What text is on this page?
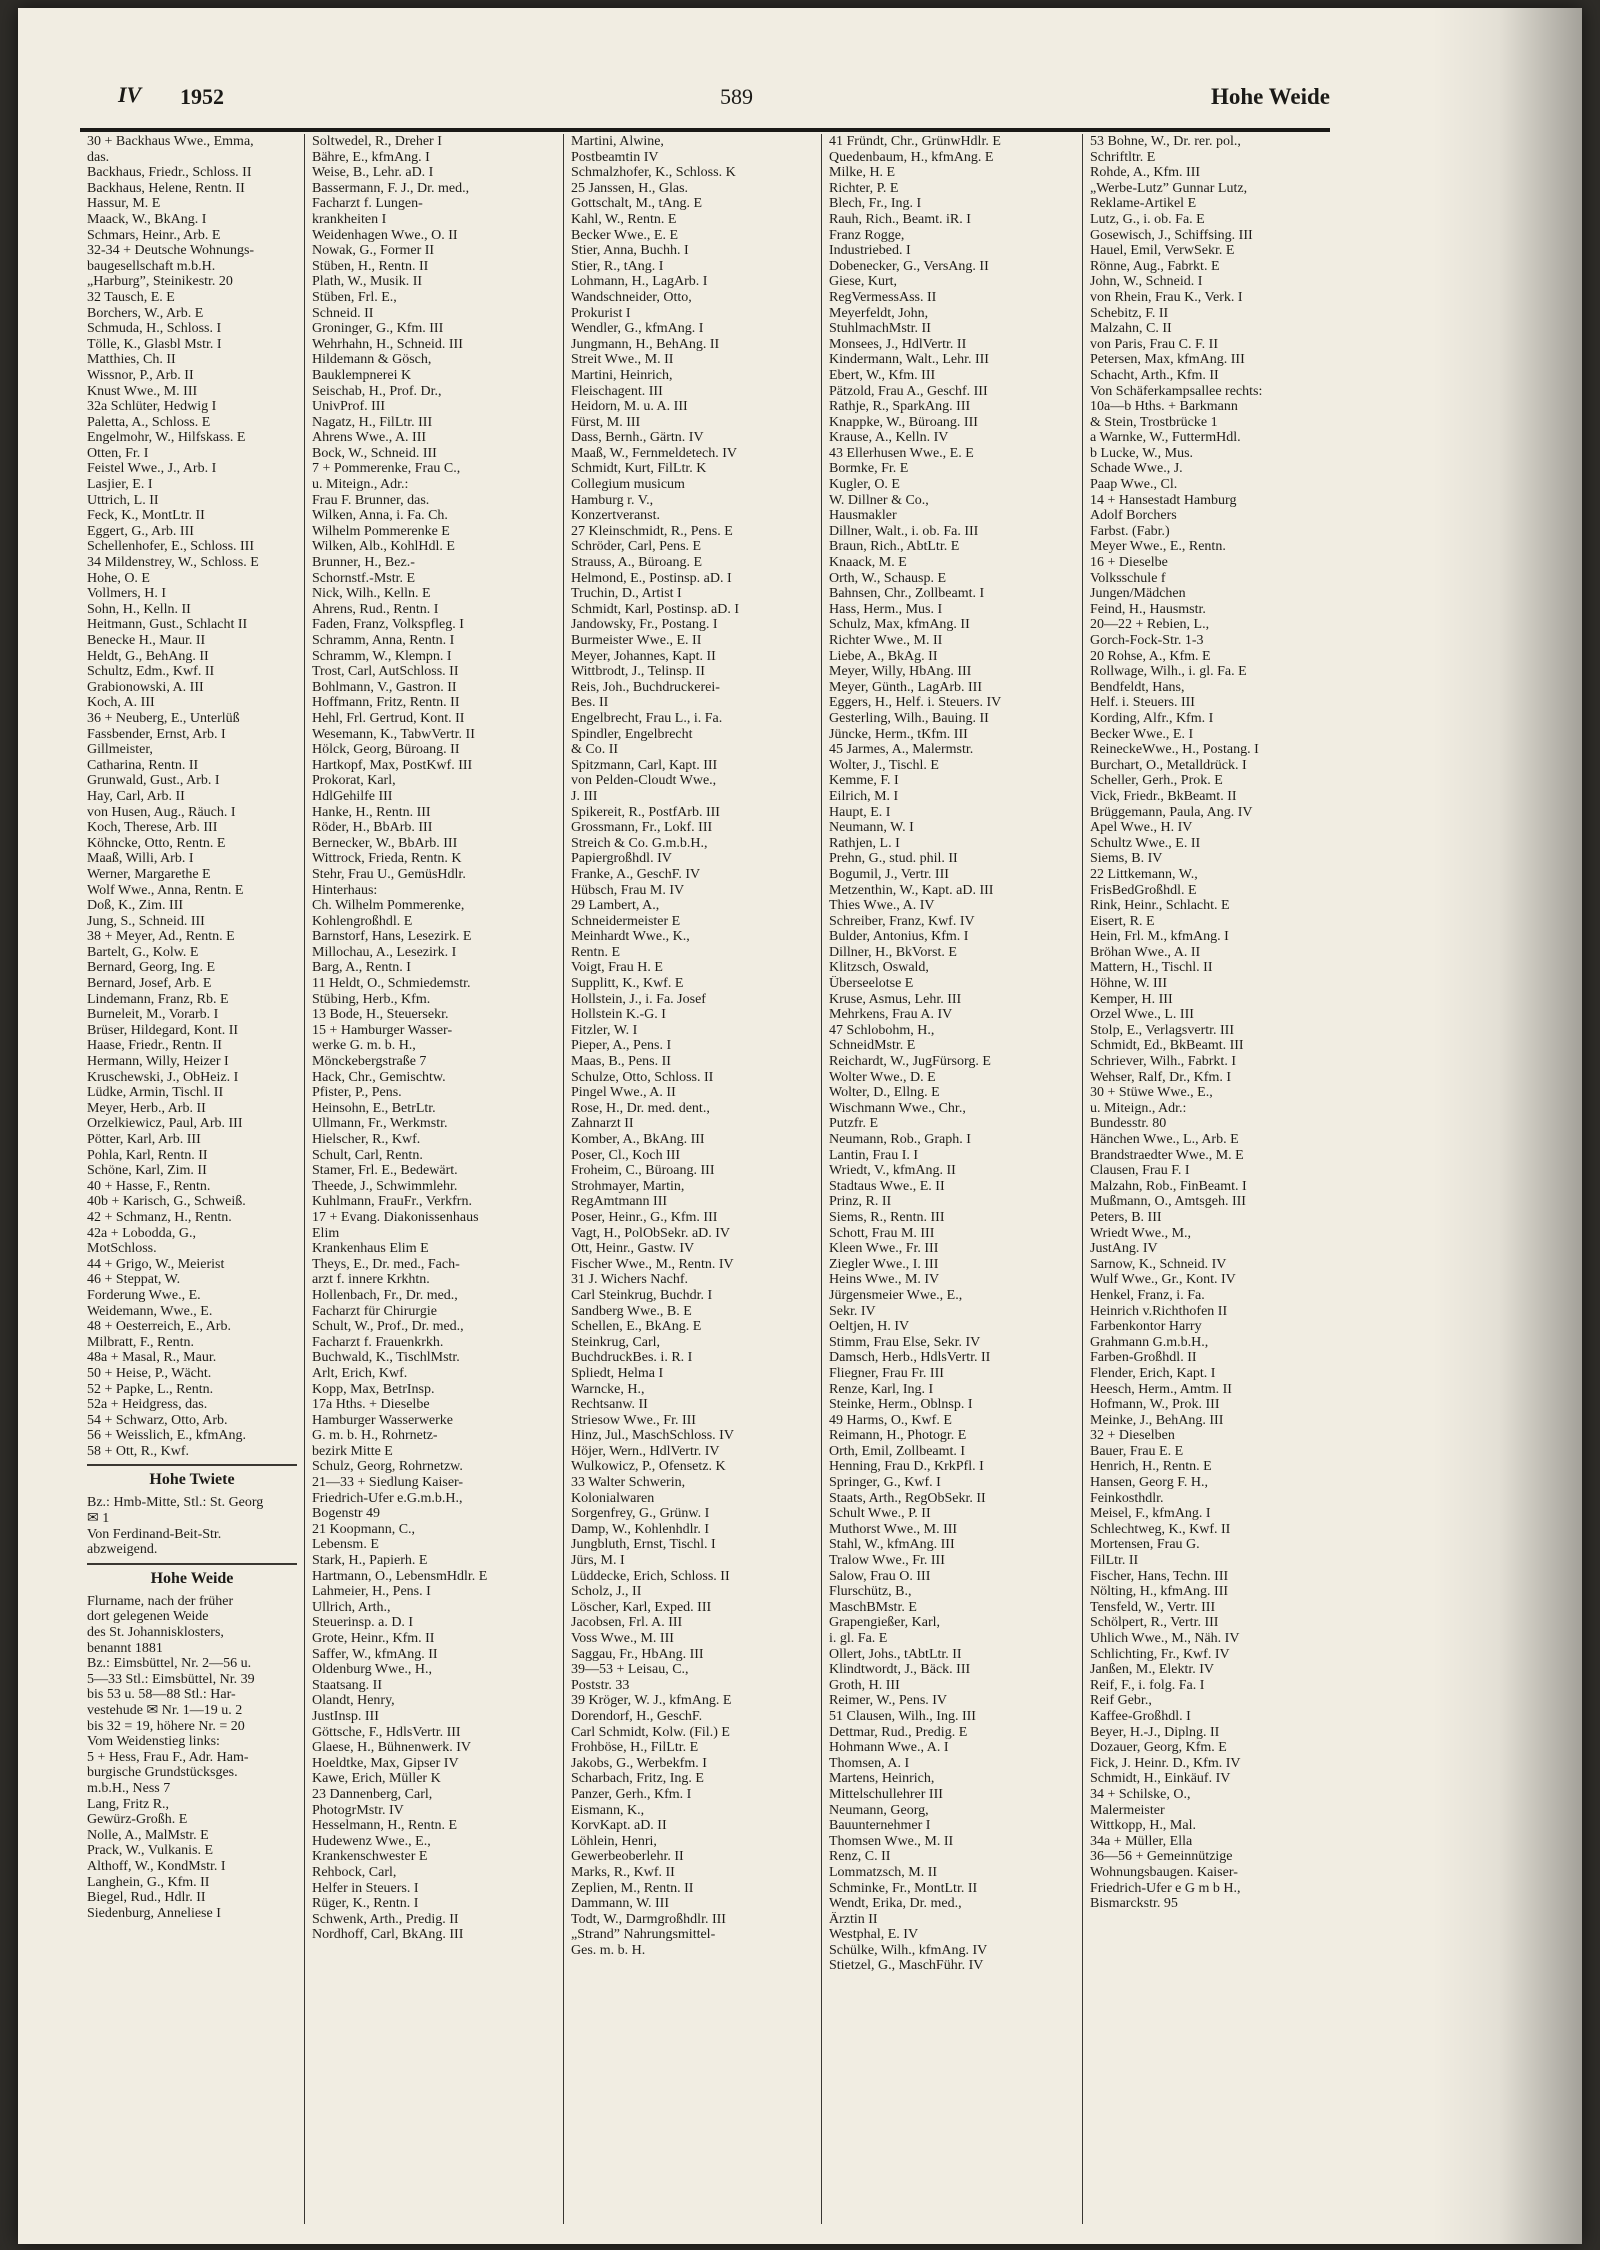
IV 1952	589	Hohe Weide
30 + Backhaus Wwe., Emma,
das.
Backhaus, Friedr., Schloss. II
Backhaus, Helene, Rentn. II
Hassur, M. E
Maack, W., BkAng. I
Schmars, Heinr., Arb. E
32-34 + Deutsche Wohnungs-
baugesellschaft m.b.H.
„Harburg”, Steinikestr. 20
32 Tausch, E. E
Borchers, W., Arb. E
Schmuda, H., Schloss. I
Tölle, K., Glasbl Mstr. I
Matthies, Ch. II
Wissnor, P., Arb. II
Knust Wwe., M. III
32a Schlüter, Hedwig I
Paletta, A., Schloss. E
Engelmohr, W., Hilfskass. E
Otten, Fr. I
Feistel Wwe., J., Arb. I
Lasjier, E. I
Uttrich, L. II
Feck, K., MontLtr. II
Eggert, G., Arb. III
Schellenhofer, E., Schloss. III
34 Mildenstrey, W., Schloss. E
Hohe, O. E
Vollmers, H. I
Sohn, H., Kelln. II
Heitmann, Gust., Schlacht II
Benecke H., Maur. II
Heldt, G., BehAng. II
Schultz, Edm., Kwf. II
Grabionowski, A. III
Koch, A. III
36 + Neuberg, E., Unterlüß
Fassbender, Ernst, Arb. I
Gillmeister,
Catharina, Rentn. II
Grunwald, Gust., Arb. I
Hay, Carl, Arb. II
von Husen, Aug., Räuch. I
Koch, Therese, Arb. III
Köhncke, Otto, Rentn. E
Maaß, Willi, Arb. I
Werner, Margarethe E
Wolf Wwe., Anna, Rentn. E
Doß, K., Zim. III
Jung, S., Schneid. III
38 + Meyer, Ad., Rentn. E
Bartelt, G., Kolw. E
Bernard, Georg, Ing. E
Bernard, Josef, Arb. E
Lindemann, Franz, Rb. E
Burneleit, M., Vorarb. I
Brüser, Hildegard, Kont. II
Haase, Friedr., Rentn. II
Hermann, Willy, Heizer I
Kruschewski, J., ObHeiz. I
Lüdke, Armin, Tischl. II
Meyer, Herb., Arb. II
Orzelkiewicz, Paul, Arb. III
Pötter, Karl, Arb. III
Pohla, Karl, Rentn. II
Schöne, Karl, Zim. II
40 + Hasse, F., Rentn.
40b + Karisch, G., Schweiß.
42 + Schmanz, H., Rentn.
42a + Lobodda, G.,
MotSchloss.
44 + Grigo, W., Meierist
46 + Steppat, W.
Forderung Wwe., E.
Weidemann, Wwe., E.
48 + Oesterreich, E., Arb.
Milbratt, F., Rentn.
48a + Masal, R., Maur.
50 + Heise, P., Wächt.
52 + Papke, L., Rentn.
52a + Heidgress, das.
54 + Schwarz, Otto, Arb.
56 + Weisslich, E., kfmAng.
58 + Ott, R., Kwf.
Hohe Twiete
Bz.: Hmb-Mitte, Stl.: St. Georg
✉ 1
Von Ferdinand-Beit-Str.
abzweigend.
Hohe Weide
Flurname, nach der früher
dort gelegenen Weide
des St. Johannisklosters,
benannt 1881
Bz.: Eimsbüttel, Nr. 2—56 u.
5—33 Stl.: Eimsbüttel, Nr. 39
bis 53 u. 58—88 Stl.: Har-
vestehude ✉ Nr. 1—19 u. 2
bis 32 = 19, höhere Nr. = 20
Vom Weidenstieg links:
5 + Hess, Frau F., Adr. Ham-
burgische Grundstücksges.
m.b.H., Ness 7
Lang, Fritz R.,
Gewürz-Großh. E
Nolle, A., MalMstr. E
Prack, W., Vulkanis. E
Althoff, W., KondMstr. I
Langhein, G., Kfm. II
Biegel, Rud., Hdlr. II
Siedenburg, Anneliese I
Soltwedel, R., Dreher I
Bähre, E., kfmAng. I
Weise, B., Lehr. aD. I
Bassermann, F. J., Dr. med.,
Facharzt f. Lungen-
krankheiten I
Weidenhagen Wwe., O. II
Nowak, G., Former II
Stüben, H., Rentn. II
Plath, W., Musik. II
Stüben, Frl. E.,
Schneid. II
Groninger, G., Kfm. III
Wehrhahn, H., Schneid. III
Hildemann & Gösch,
Bauklempnerei K
Seischab, H., Prof. Dr.,
UnivProf. III
Nagatz, H., FilLtr. III
Ahrens Wwe., A. III
Bock, W., Schneid. III
7 + Pommerenke, Frau C.,
u. Miteign., Adr.:
Frau F. Brunner, das.
Wilken, Anna, i. Fa. Ch.
Wilhelm Pommerenke E
Wilken, Alb., KohlHdl. E
Brunner, H., Bez.-
Schornstf.-Mstr. E
Nick, Wilh., Kelln. E
Ahrens, Rud., Rentn. I
Faden, Franz, Volkspfleg. I
Schramm, Anna, Rentn. I
Schramm, W., Klempn. I
Trost, Carl, AutSchloss. II
Bohlmann, V., Gastron. II
Hoffmann, Fritz, Rentn. II
Hehl, Frl. Gertrud, Kont. II
Wesemann, K., TabwVertr. II
Hölck, Georg, Büroang. II
Hartkopf, Max, PostKwf. III
Prokorat, Karl,
HdlGehilfe III
Hanke, H., Rentn. III
Röder, H., BbArb. III
Bernecker, W., BbArb. III
Wittrock, Frieda, Rentn. K
Stehr, Frau U., GemüsHdlr.
Hinterhaus:
Ch. Wilhelm Pommerenke,
Kohlengroßhdl. E
Barnstorf, Hans, Lesezirk. E
Millochau, A., Lesezirk. I
Barg, A., Rentn. I
11 Heldt, O., Schmiedemstr.
Stübing, Herb., Kfm.
13 Bode, H., Steuersekr.
15 + Hamburger Wasser-
werke G. m. b. H.,
Mönckebergstraße 7
Hack, Chr., Gemischtw.
Pfister, P., Pens.
Heinsohn, E., BetrLtr.
Ullmann, Fr., Werkmstr.
Hielscher, R., Kwf.
Schult, Carl, Rentn.
Stamer, Frl. E., Bedewärt.
Theede, J., Schwimmlehr.
Kuhlmann, FrauFr., Verkfrn.
17 + Evang. Diakonissenhaus
Elim
Krankenhaus Elim E
Theys, E., Dr. med., Fach-
arzt f. innere Krkhtn.
Hollenbach, Fr., Dr. med.,
Facharzt für Chirurgie
Schult, W., Prof., Dr. med.,
Facharzt f. Frauenkrkh.
Buchwald, K., TischlMstr.
Arlt, Erich, Kwf.
Kopp, Max, BetrInsp.
17a Hths. + Dieselbe
Hamburger Wasserwerke
G. m. b. H., Rohrnetz-
bezirk Mitte E
Schulz, Georg, Rohrnetzw.
21—33 + Siedlung Kaiser-
Friedrich-Ufer e.G.m.b.H.,
Bogenstr 49
21 Koopmann, C.,
Lebensm. E
Stark, H., Papierh. E
Hartmann, O., LebensmHdlr. E
Lahmeier, H., Pens. I
Ullrich, Arth.,
Steuerinsp. a. D. I
Grote, Heinr., Kfm. II
Saffer, W., kfmAng. II
Oldenburg Wwe., H.,
Staatsang. II
Olandt, Henry,
JustInsp. III
Göttsche, F., HdlsVertr. III
Glaese, H., Bühnenwerk. IV
Hoeldtke, Max, Gipser IV
Kawe, Erich, Müller K
23 Dannenberg, Carl,
PhotogrMstr. IV
Hesselmann, H., Rentn. E
Hudewenz Wwe., E.,
Krankenschwester E
Rehbock, Carl,
Helfer in Steuers. I
Rüger, K., Rentn. I
Schwenk, Arth., Predig. II
Nordhoff, Carl, BkAng. III
Martini, Alwine,
Postbeamtin IV
Schmalzhofer, K., Schloss. K
25 Janssen, H., Glas.
Gottschalt, M., tAng. E
Kahl, W., Rentn. E
Becker Wwe., E. E
Stier, Anna, Buchh. I
Stier, R., tAng. I
Lohmann, H., LagArb. I
Wandschneider, Otto,
Prokurist I
Wendler, G., kfmAng. I
Jungmann, H., BehAng. II
Streit Wwe., M. II
Martini, Heinrich,
Fleischagent. III
Heidorn, M. u. A. III
Fürst, M. III
Dass, Bernh., Gärtn. IV
Maaß, W., Fernmeldetech. IV
Schmidt, Kurt, FilLtr. K
Collegium musicum
Hamburg r. V.,
Konzertveranst.
27 Kleinschmidt, R., Pens. E
Schröder, Carl, Pens. E
Strauss, A., Büroang. E
Helmond, E., Postinsp. aD. I
Truchin, D., Artist I
Schmidt, Karl, Postinsp. aD. I
Jandowsky, Fr., Postang. I
Burmeister Wwe., E. II
Meyer, Johannes, Kapt. II
Wittbrodt, J., Telinsp. II
Reis, Joh., Buchdruckerei-
Bes. II
Engelbrecht, Frau L., i. Fa.
Spindler, Engelbrecht
& Co. II
Spitzmann, Carl, Kapt. III
von Pelden-Cloudt Wwe.,
J. III
Spikereit, R., PostfArb. III
Grossmann, Fr., Lokf. III
Streich & Co. G.m.b.H.,
Papiergroßhdl. IV
Franke, A., GeschF. IV
Hübsch, Frau M. IV
29 Lambert, A.,
Schneidermeister E
Meinhardt Wwe., K.,
Rentn. E
Voigt, Frau H. E
Supplitt, K., Kwf. E
Hollstein, J., i. Fa. Josef
Hollstein K.-G. I
Fitzler, W. I
Pieper, A., Pens. I
Maas, B., Pens. II
Schulze, Otto, Schloss. II
Pingel Wwe., A. II
Rose, H., Dr. med. dent.,
Zahnarzt II
Komber, A., BkAng. III
Poser, Cl., Koch III
Froheim, C., Büroang. III
Strohmayer, Martin,
RegAmtmann III
Poser, Heinr., G., Kfm. III
Vagt, H., PolObSekr. aD. IV
Ott, Heinr., Gastw. IV
Fischer Wwe., M., Rentn. IV
31 J. Wichers Nachf.
Carl Steinkrug, Buchdr. I
Sandberg Wwe., B. E
Schellen, E., BkAng. E
Steinkrug, Carl,
BuchdruckBes. i. R. I
Spliedt, Helma I
Warncke, H.,
Rechtsanw. II
Striesow Wwe., Fr. III
Hinz, Jul., MaschSchloss. IV
Höjer, Wern., HdlVertr. IV
Wulkowicz, P., Ofensetz. K
33 Walter Schwerin,
Kolonialwaren
Sorgenfrey, G., Grünw. I
Damp, W., Kohlenhdlr. I
Jungbluth, Ernst, Tischl. I
Jürs, M. I
Lüddecke, Erich, Schloss. II
Scholz, J., II
Löscher, Karl, Exped. III
Jacobsen, Frl. A. III
Voss Wwe., M. III
Saggau, Fr., HbAng. III
39—53 + Leisau, C.,
Poststr. 33
39 Kröger, W. J., kfmAng. E
Dorendorf, H., GeschF.
Carl Schmidt, Kolw. (Fil.) E
Frohböse, H., FilLtr. E
Jakobs, G., Werbekfm. I
Scharbach, Fritz, Ing. E
Panzer, Gerh., Kfm. I
Eismann, K.,
KorvKapt. aD. II
Löhlein, Henri,
Gewerbeoberlehr. II
Marks, R., Kwf. II
Zeplien, M., Rentn. II
Dammann, W. III
Todt, W., Darmgroßhdlr. III
„Strand” Nahrungsmittel-
Ges. m. b. H.
41 Fründt, Chr., GrünwHdlr. E
Quedenbaum, H., kfmAng. E
Milke, H. E
Richter, P. E
Blech, Fr., Ing. I
Rauh, Rich., Beamt. iR. I
Franz Rogge,
Industriebed. I
Dobenecker, G., VersAng. II
Giese, Kurt,
RegVermessAss. II
Meyerfeldt, John,
StuhlmachMstr. II
Monsees, J., HdlVertr. II
Kindermann, Walt., Lehr. III
Ebert, W., Kfm. III
Pätzold, Frau A., Geschf. III
Rathje, R., SparkAng. III
Knappke, W., Büroang. III
Krause, A., Kelln. IV
43 Ellerhusen Wwe., E. E
Bormke, Fr. E
Kugler, O. E
W. Dillner & Co.,
Hausmakler
Dillner, Walt., i. ob. Fa. III
Braun, Rich., AbtLtr. E
Knaack, M. E
Orth, W., Schausp. E
Bahnsen, Chr., Zollbeamt. I
Hass, Herm., Mus. I
Schulz, Max, kfmAng. II
Richter Wwe., M. II
Liebe, A., BkAg. II
Meyer, Willy, HbAng. III
Meyer, Günth., LagArb. III
Eggers, H., Helf. i. Steuers. IV
Gesterling, Wilh., Bauing. II
Jüncke, Herm., tKfm. III
45 Jarmes, A., Malermstr.
Wolter, J., Tischl. E
Kemme, F. I
Eilrich, M. I
Haupt, E. I
Neumann, W. I
Rathjen, L. I
Prehn, G., stud. phil. II
Bogumil, J., Vertr. III
Metzenthin, W., Kapt. aD. III
Thies Wwe., A. IV
Schreiber, Franz, Kwf. IV
Bulder, Antonius, Kfm. I
Dillner, H., BkVorst. E
Klitzsch, Oswald,
Überseelotse E
Kruse, Asmus, Lehr. III
Mehrkens, Frau A. IV
47 Schlobohm, H.,
SchneidMstr. E
Reichardt, W., JugFürsorg. E
Wolter Wwe., D. E
Wolter, D., Ellng. E
Wischmann Wwe., Chr.,
Putzfr. E
Neumann, Rob., Graph. I
Lantin, Frau I. I
Wriedt, V., kfmAng. II
Stadtaus Wwe., E. II
Prinz, R. II
Siems, R., Rentn. III
Schott, Frau M. III
Kleen Wwe., Fr. III
Ziegler Wwe., I. III
Heins Wwe., M. IV
Jürgensmeier Wwe., E.,
Sekr. IV
Oeltjen, H. IV
Stimm, Frau Else, Sekr. IV
Damsch, Herb., HdlsVertr. II
Fliegner, Frau Fr. III
Renze, Karl, Ing. I
Steinke, Herm., Oblnsp. I
49 Harms, O., Kwf. E
Reimann, H., Photogr. E
Orth, Emil, Zollbeamt. I
Henning, Frau D., KrkPfl. I
Springer, G., Kwf. I
Staats, Arth., RegObSekr. II
Schult Wwe., P. II
Muthorst Wwe., M. III
Stahl, W., kfmAng. III
Tralow Wwe., Fr. III
Salow, Frau O. III
Flurschütz, B.,
MaschBMstr. E
Grapengießer, Karl,
i. gl. Fa. E
Ollert, Johs., tAbtLtr. II
Klindtwordt, J., Bäck. III
Groth, H. III
Reimer, W., Pens. IV
51 Clausen, Wilh., Ing. III
Dettmar, Rud., Predig. E
Hohmann Wwe., A. I
Thomsen, A. I
Martens, Heinrich,
Mittelschullehrer III
Neumann, Georg,
Bauunternehmer I
Thomsen Wwe., M. II
Renz, C. II
Lommatzsch, M. II
Schminke, Fr., MontLtr. II
Wendt, Erika, Dr. med.,
Ärztin II
Westphal, E. IV
Schülke, Wilh., kfmAng. IV
Stietzel, G., MaschFühr. IV
53 Bohne, W., Dr. rer. pol.,
Schriftltr. E
Rohde, A., Kfm. III
„Werbe-Lutz” Gunnar Lutz,
Reklame-Artikel E
Lutz, G., i. ob. Fa. E
Gosewisch, J., Schiffsing. III
Hauel, Emil, VerwSekr. E
Rönne, Aug., Fabrkt. E
John, W., Schneid. I
von Rhein, Frau K., Verk. I
Schebitz, F. II
Malzahn, C. II
von Paris, Frau C. F. II
Petersen, Max, kfmAng. III
Schacht, Arth., Kfm. II
Von Schäferkampsallee rechts:
10a—b Hths. + Barkmann
& Stein, Trostbrücke 1
a Warnke, W., FuttermHdl.
b Lucke, W., Mus.
Schade Wwe., J.
Paap Wwe., Cl.
14 + Hansestadt Hamburg
Adolf Borchers
Farbst. (Fabr.)
Meyer Wwe., E., Rentn.
16 + Dieselbe
Volksschule f
Jungen/Mädchen
Feind, H., Hausmstr.
20—22 + Rebien, L.,
Gorch-Fock-Str. 1-3
20 Rohse, A., Kfm. E
Rollwage, Wilh., i. gl. Fa. E
Bendfeldt, Hans,
Helf. i. Steuers. III
Kording, Alfr., Kfm. I
Becker Wwe., E. I
ReineckeWwe., H., Postang. I
Burchart, O., Metalldrück. I
Scheller, Gerh., Prok. E
Vick, Friedr., BkBeamt. II
Brüggemann, Paula, Ang. IV
Apel Wwe., H. IV
Schultz Wwe., E. II
Siems, B. IV
22 Littkemann, W.,
FrisBedGroßhdl. E
Rink, Heinr., Schlacht. E
Eisert, R. E
Hein, Frl. M., kfmAng. I
Bröhan Wwe., A. II
Mattern, H., Tischl. II
Höhne, W. III
Kemper, H. III
Orzel Wwe., L. III
Stolp, E., Verlagsvertr. III
Schmidt, Ed., BkBeamt. III
Schriever, Wilh., Fabrkt. I
Wehser, Ralf, Dr., Kfm. I
30 + Stüwe Wwe., E.,
u. Miteign., Adr.:
Bundesstr. 80
Hänchen Wwe., L., Arb. E
Brandstraedter Wwe., M. E
Clausen, Frau F. I
Malzahn, Rob., FinBeamt. I
Mußmann, O., Amtsgeh. III
Peters, B. III
Wriedt Wwe., M.,
JustAng. IV
Sarnow, K., Schneid. IV
Wulf Wwe., Gr., Kont. IV
Henkel, Franz, i. Fa.
Heinrich v.Richthofen II
Farbenkontor Harry
Grahmann G.m.b.H.,
Farben-Großhdl. II
Flender, Erich, Kapt. I
Heesch, Herm., Amtm. II
Hofmann, W., Prok. III
Meinke, J., BehAng. III
32 + Dieselben
Bauer, Frau E. E
Henrich, H., Rentn. E
Hansen, Georg F. H.,
Feinkosthdlr.
Meisel, F., kfmAng. I
Schlechtweg, K., Kwf. II
Mortensen, Frau G.
FilLtr. II
Fischer, Hans, Techn. III
Nölting, H., kfmAng. III
Tensfeld, W., Vertr. III
Schölpert, R., Vertr. III
Uhlich Wwe., M., Näh. IV
Schlichting, Fr., Kwf. IV
Janßen, M., Elektr. IV
Reif, F., i. folg. Fa. I
Reif Gebr.,
Kaffee-Großhdl. I
Beyer, H.-J., Diplng. II
Dozauer, Georg, Kfm. E
Fick, J. Heinr. D., Kfm. IV
Schmidt, H., Einkäuf. IV
34 + Schilske, O.,
Malermeister
Wittkopp, H., Mal.
34a + Müller, Ella
36—56 + Gemeinnützige
Wohnungsbaugen. Kaiser-
Friedrich-Ufer e G m b H.,
Bismarckstr. 95
